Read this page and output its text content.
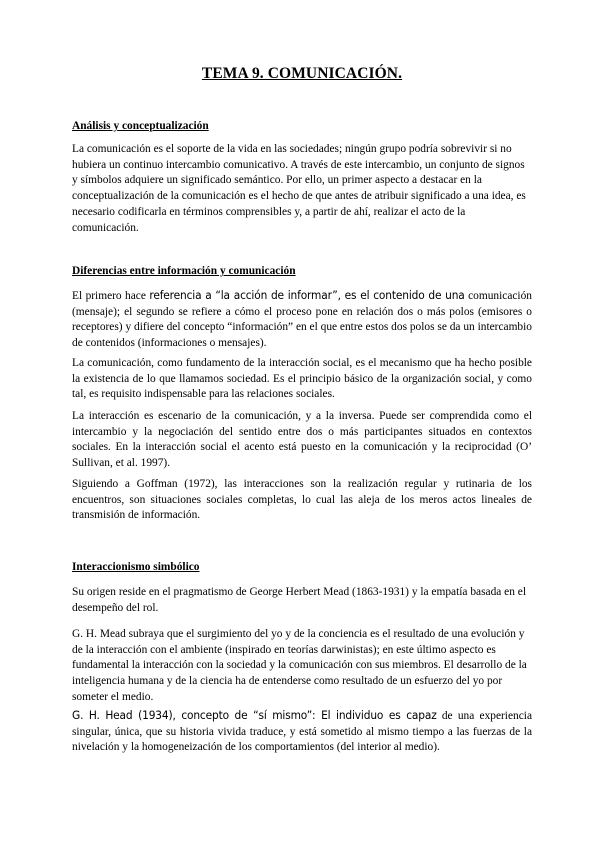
TEMA 9. COMUNICACIÓN.
Análisis y conceptualización

La comunicación es el soporte de la vida en las sociedades; ningún grupo podría sobrevivir si no hubiera un continuo intercambio comunicativo. A través de este intercambio, un conjunto de signos y símbolos adquiere un significado semántico. Por ello, un primer aspecto a destacar en la conceptualización de la comunicación es el hecho de que antes de atribuir significado a una idea, es necesario codificarla en términos comprensibles y, a partir de ahí, realizar el acto de la comunicación.

Diferencias entre información y comunicación

El primero hace referencia a “la acción de informar”, es el contenido de una comunicación (mensaje); el segundo se refiere a cómo el proceso pone en relación dos o más polos (emisores o receptores) y difiere del concepto “información” en el que entre estos dos polos se da un intercambio de contenidos (informaciones o mensajes).

La comunicación, como fundamento de la interacción social, es el mecanismo que ha hecho posible la existencia de lo que llamamos sociedad. Es el principio básico de la organización social, y como tal, es requisito indispensable para las relaciones sociales.

La interacción es escenario de la comunicación, y a la inversa. Puede ser comprendida como el intercambio y la negociación del sentido entre dos o más participantes situados en contextos sociales. En la interacción social el acento está puesto en la comunicación y la reciprocidad (O’ Sullivan, et al. 1997).

Siguiendo a Goffman (1972), las interacciones son la realización regular y rutinaria de los encuentros, son situaciones sociales completas, lo cual las aleja de los meros actos lineales de transmisión de información.

Interaccionismo simbólico

Su origen reside en el pragmatismo de George Herbert Mead (1863-1931) y la empatía basada en el desempeño del rol.

G. H. Mead subraya que el surgimiento del yo y de la conciencia es el resultado de una evolución y de la interacción con el ambiente (inspirado en teorías darwinistas); en este último aspecto es fundamental la interacción con la sociedad y la comunicación con sus miembros. El desarrollo de la inteligencia humana y de la ciencia ha de entenderse como resultado de un esfuerzo del yo por someter el medio.

G. H. Head (1934), concepto de “sí mismo”: El individuo es capaz de una experiencia singular, única, que su historia vivida traduce, y está sometido al mismo tiempo a las fuerzas de la nivelación y la homogeneización de los comportamientos (del interior al medio).
